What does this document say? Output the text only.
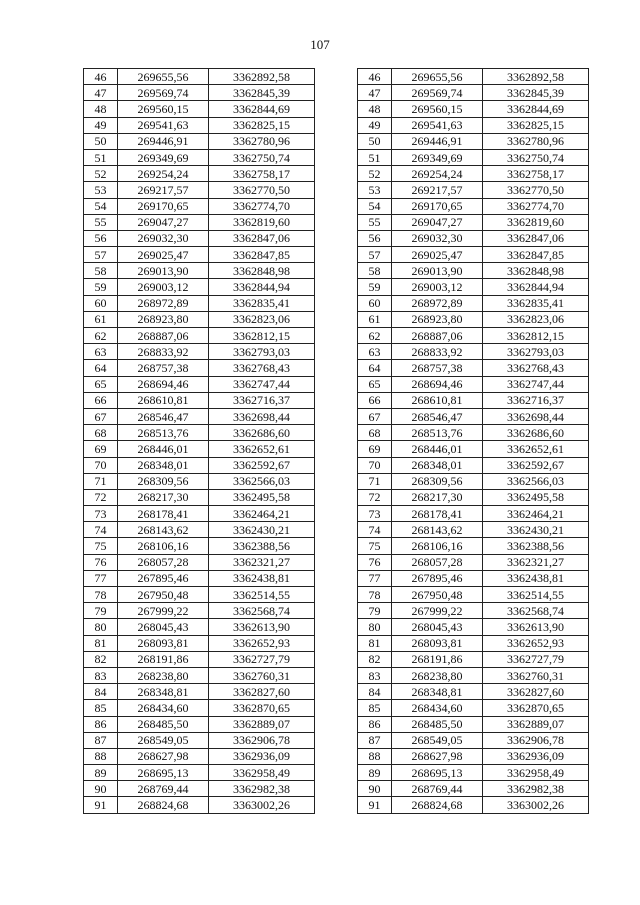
107
46	269655,56	3362892,58
47	269569,74	3362845,39
48	269560,15	3362844,69
49	269541,63	3362825,15
50	269446,91	3362780,96
51	269349,69	3362750,74
52	269254,24	3362758,17
53	269217,57	3362770,50
54	269170,65	3362774,70
55	269047,27	3362819,60
56	269032,30	3362847,06
57	269025,47	3362847,85
58	269013,90	3362848,98
59	269003,12	3362844,94
60	268972,89	3362835,41
61	268923,80	3362823,06
62	268887,06	3362812,15
63	268833,92	3362793,03
64	268757,38	3362768,43
65	268694,46	3362747,44
66	268610,81	3362716,37
67	268546,47	3362698,44
68	268513,76	3362686,60
69	268446,01	3362652,61
70	268348,01	3362592,67
71	268309,56	3362566,03
72	268217,30	3362495,58
73	268178,41	3362464,21
74	268143,62	3362430,21
75	268106,16	3362388,56
76	268057,28	3362321,27
77	267895,46	3362438,81
78	267950,48	3362514,55
79	267999,22	3362568,74
80	268045,43	3362613,90
81	268093,81	3362652,93
82	268191,86	3362727,79
83	268238,80	3362760,31
84	268348,81	3362827,60
85	268434,60	3362870,65
86	268485,50	3362889,07
87	268549,05	3362906,78
88	268627,98	3362936,09
89	268695,13	3362958,49
90	268769,44	3362982,38
91	268824,68	3363002,26
46	269655,56	3362892,58
47	269569,74	3362845,39
48	269560,15	3362844,69
49	269541,63	3362825,15
50	269446,91	3362780,96
51	269349,69	3362750,74
52	269254,24	3362758,17
53	269217,57	3362770,50
54	269170,65	3362774,70
55	269047,27	3362819,60
56	269032,30	3362847,06
57	269025,47	3362847,85
58	269013,90	3362848,98
59	269003,12	3362844,94
60	268972,89	3362835,41
61	268923,80	3362823,06
62	268887,06	3362812,15
63	268833,92	3362793,03
64	268757,38	3362768,43
65	268694,46	3362747,44
66	268610,81	3362716,37
67	268546,47	3362698,44
68	268513,76	3362686,60
69	268446,01	3362652,61
70	268348,01	3362592,67
71	268309,56	3362566,03
72	268217,30	3362495,58
73	268178,41	3362464,21
74	268143,62	3362430,21
75	268106,16	3362388,56
76	268057,28	3362321,27
77	267895,46	3362438,81
78	267950,48	3362514,55
79	267999,22	3362568,74
80	268045,43	3362613,90
81	268093,81	3362652,93
82	268191,86	3362727,79
83	268238,80	3362760,31
84	268348,81	3362827,60
85	268434,60	3362870,65
86	268485,50	3362889,07
87	268549,05	3362906,78
88	268627,98	3362936,09
89	268695,13	3362958,49
90	268769,44	3362982,38
91	268824,68	3363002,26
